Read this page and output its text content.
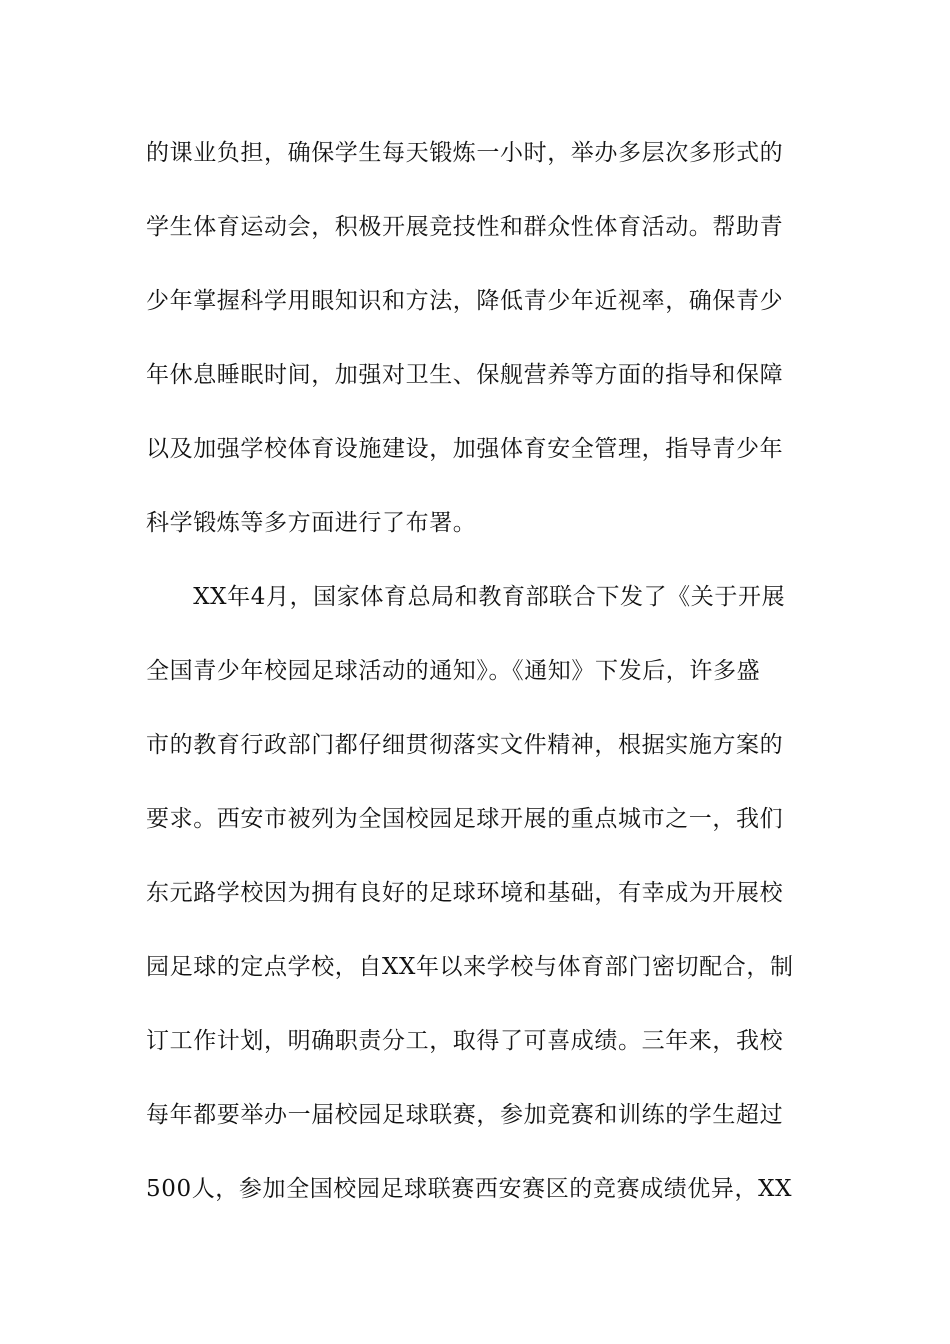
的课业负担，确保学生每天锻炼一小时，举办多层次多形式的
学生体育运动会，积极开展竞技性和群众性体育活动。帮助青
少年掌握科学用眼知识和方法，降低青少年近视率，确保青少
年休息睡眠时间，加强对卫生、保舰营养等方面的指导和保障
以及加强学校体育设施建设，加强体育安全管理，指导青少年
科学锻炼等多方面进行了布署。
　　XX年4月，国家体育总局和教育部联合下发了《关于开展
全国青少年校园足球活动的通知》。《通知》下发后，许多盛
市的教育行政部门都仔细贯彻落实文件精神，根据实施方案的
要求。西安市被列为全国校园足球开展的重点城市之一，我们
东元路学校因为拥有良好的足球环境和基础，有幸成为开展校
园足球的定点学校，自XX年以来学校与体育部门密切配合，制
订工作计划，明确职责分工，取得了可喜成绩。三年来，我校
每年都要举办一届校园足球联赛，参加竞赛和训练的学生超过
500人，参加全国校园足球联赛西安赛区的竞赛成绩优异，XX
